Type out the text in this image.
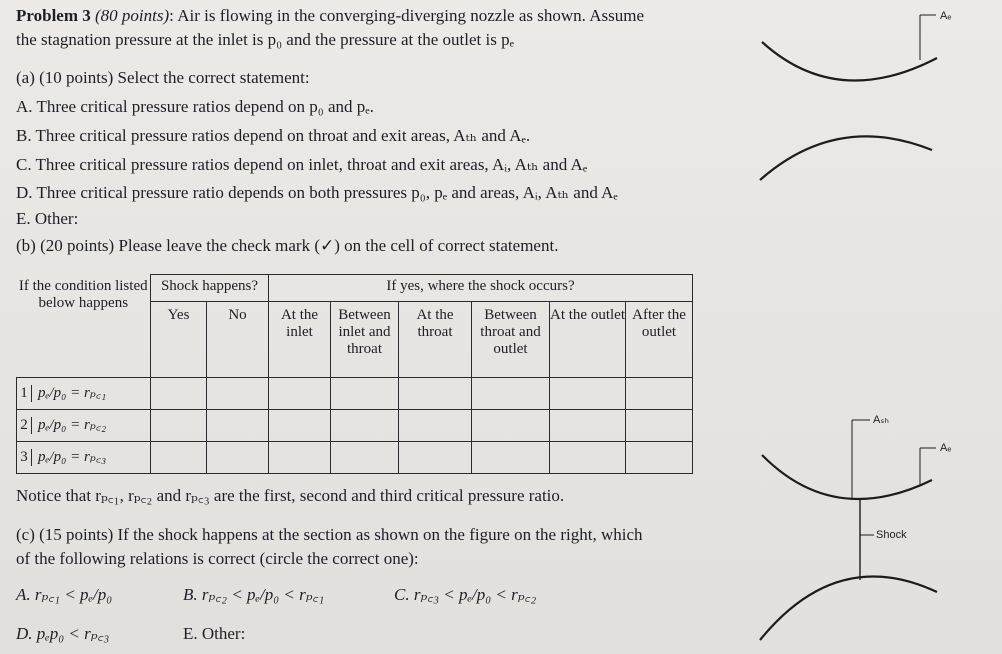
Problem 3 (80 points): Air is flowing in the converging-diverging nozzle as shown. Assume
the stagnation pressure at the inlet is p₀ and the pressure at the outlet is pₑ
(a) (10 points) Select the correct statement:
A. Three critical pressure ratios depend on p₀ and pₑ.
B. Three critical pressure ratios depend on throat and exit areas, Aₜₕ and Aₑ.
C. Three critical pressure ratios depend on inlet, throat and exit areas, Aᵢ, Aₜₕ and Aₑ
D. Three critical pressure ratio depends on both pressures p₀, pₑ and areas, Aᵢ, Aₜₕ and Aₑ
E. Other:
(b) (20 points) Please leave the check mark (✓) on the cell of correct statement.
If the condition listed below happens	Shock happens?		If yes, where the shock occurs?					
	Yes	No	At the inlet	Between inlet and throat	At the throat	Between throat and outlet	At the outlet	After the outlet
1 pₑ/p₀ = rₚ꜀₁								
2 pₑ/p₀ = rₚ꜀₂								
3 pₑ/p₀ = rₚ꜀₃								
Notice that rₚ꜀₁, rₚ꜀₂ and rₚ꜀₃ are the first, second and third critical pressure ratio.
(c) (15 points) If the shock happens at the section as shown on the figure on the right, which
of the following relations is correct (circle the correct one):
A. rₚ꜀₁ < pₑ/p₀	B. rₚ꜀₂ < pₑ/p₀ < rₚ꜀₁	C. rₚ꜀₃ < pₑ/p₀ < rₚ꜀₂
D. pₑp₀ < rₚ꜀₃	E. Other:
Aₑ
Aₛₕ
Aₑ
Shock
